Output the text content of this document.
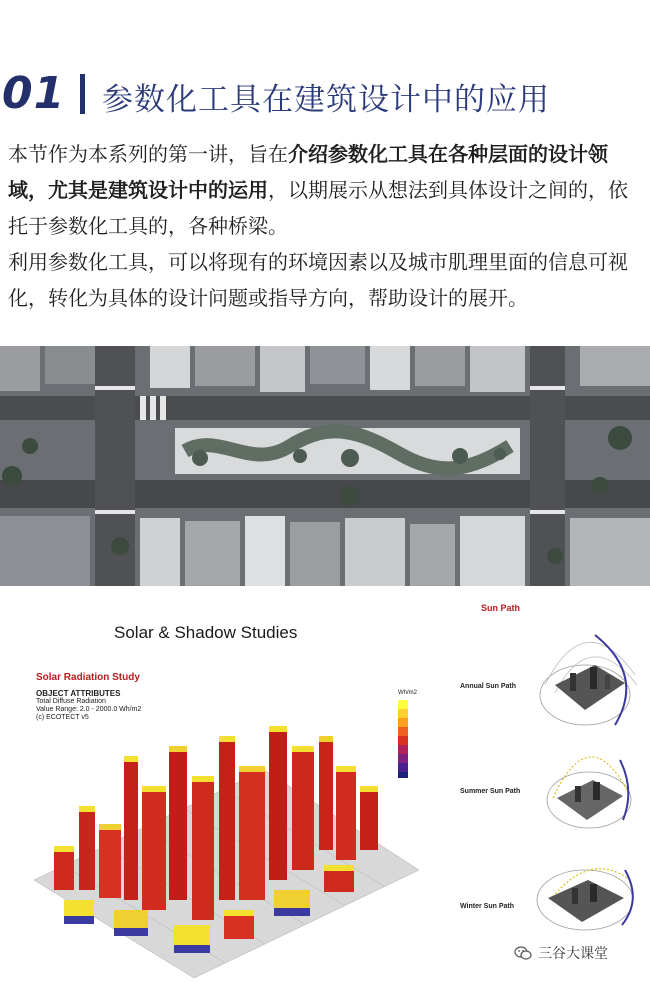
01 参数化工具在建筑设计中的应用
本节作为本系列的第一讲，旨在介绍参数化工具在各种层面的设计领域，尤其是建筑设计中的运用，以期展示从想法到具体设计之间的，依托于参数化工具的，各种桥梁。
利用参数化工具，可以将现有的环境因素以及城市肌理里面的信息可视化，转化为具体的设计问题或指导方向，帮助设计的展开。
Solar & Shadow Studies
Solar Radiation Study
OBJECT ATTRIBUTES
Total Diffuse Radiation
Value Range: 2.0 - 2000.0 Wh/m2
(c) ECOTECT v5
Wh/m2
Sun Path
Annual Sun Path
Summer Sun Path
Winter Sun Path
三谷大课堂
